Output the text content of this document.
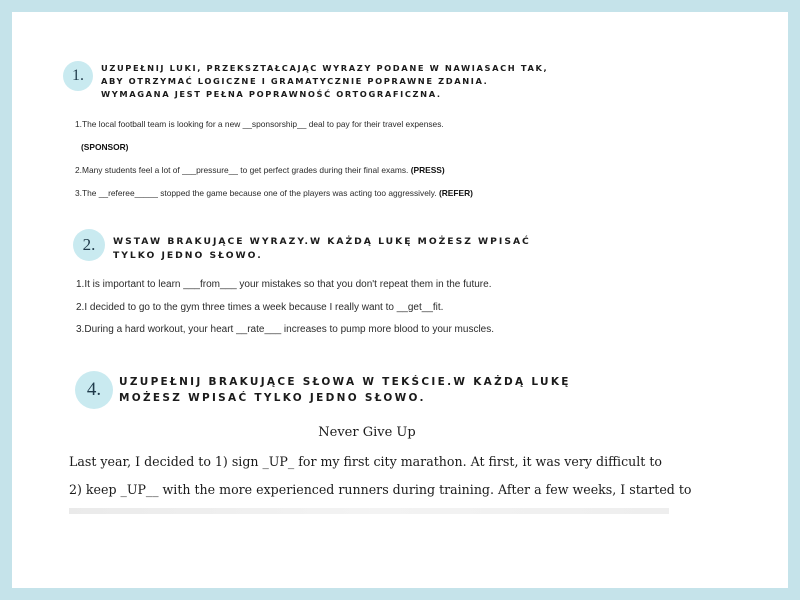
1.	UZUPEŁNIJ LUKI, PRZEKSZTAŁCAJĄC WYRAZY PODANE W NAWIASACH TAK, ABY OTRZYMAĆ LOGICZNE I GRAMATYCZNIE POPRAWNE ZDANIA. WYMAGANA JEST PEŁNA POPRAWNOŚĆ ORTOGRAFICZNA.
1.The local football team is looking for a new __sponsorship__ deal to pay for their travel expenses.
(SPONSOR)
2.Many students feel a lot of ___pressure__ to get perfect grades during their final exams. (PRESS)
3.The __referee_____ stopped the game because one of the players was acting too aggressively. (REFER)
2.	WSTAW BRAKUJĄCE WYRAZY.W KAŻDĄ LUKĘ MOŻESZ WPISAĆ TYLKO JEDNO SŁOWO.
1.It is important to learn ___from___ your mistakes so that you don't repeat them in the future.
2.I decided to go to the gym three times a week because I really want to __get__fit.
3.During a hard workout, your heart __rate___ increases to pump more blood to your muscles.
4.	UZUPEŁNIJ BRAKUJĄCE SŁOWA W TEKŚCIE.W KAŻDĄ LUKĘ MOŻESZ WPISAĆ TYLKO JEDNO SŁOWO.
Never Give Up
Last year, I decided to 1) sign _UP_ for my first city marathon. At first, it was very difficult to
2) keep _UP__ with the more experienced runners during training. After a few weeks, I started to
